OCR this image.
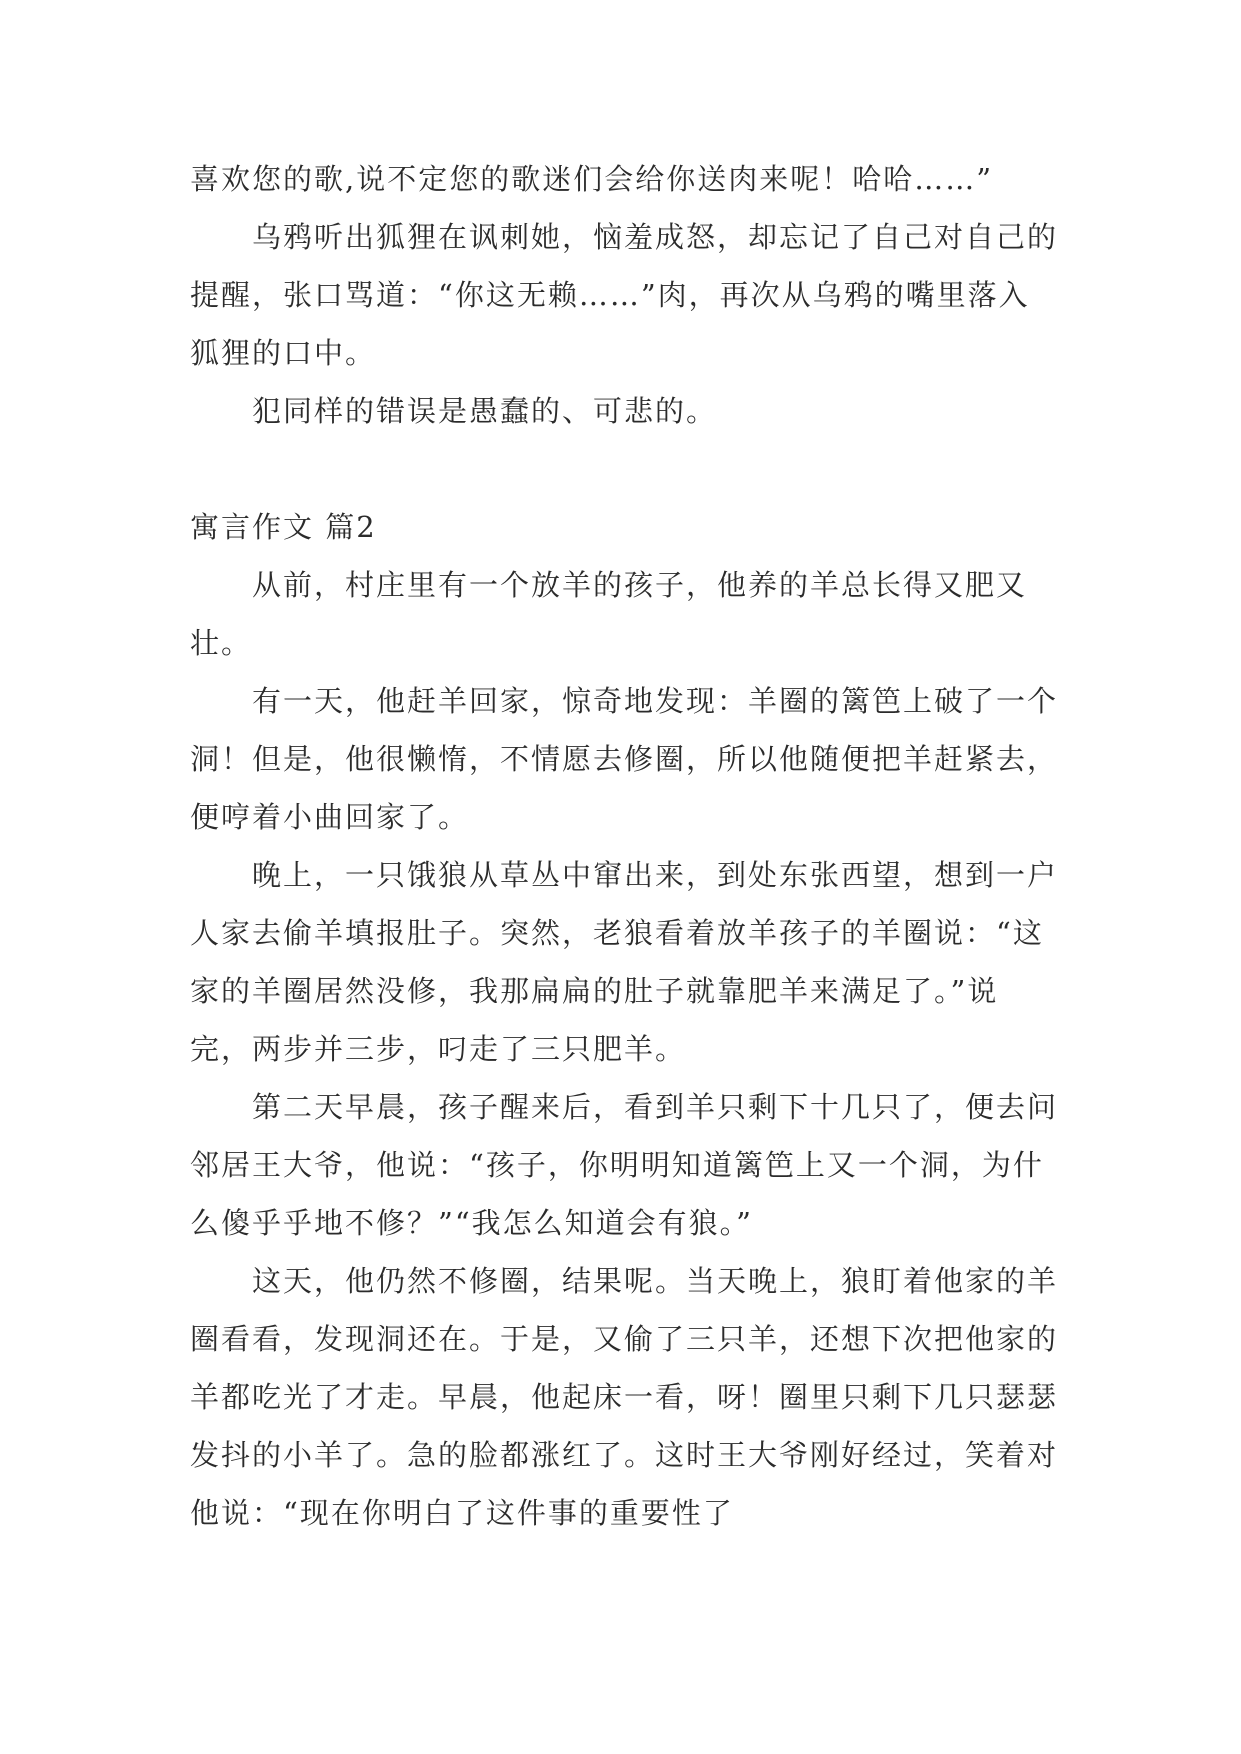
喜欢您的歌,说不定您的歌迷们会给你送肉来呢！哈哈……”

乌鸦听出狐狸在讽刺她，恼羞成怒，却忘记了自己对自己的提醒，张口骂道：“你这无赖……”肉，再次从乌鸦的嘴里落入狐狸的口中。

犯同样的错误是愚蠢的、可悲的。

寓言作文 篇2

从前，村庄里有一个放羊的孩子，他养的羊总长得又肥又壮。

有一天，他赶羊回家，惊奇地发现：羊圈的篱笆上破了一个洞！但是，他很懒惰，不情愿去修圈，所以他随便把羊赶紧去，便哼着小曲回家了。

晚上，一只饿狼从草丛中窜出来，到处东张西望，想到一户人家去偷羊填报肚子。突然，老狼看着放羊孩子的羊圈说：“这家的羊圈居然没修，我那扁扁的肚子就靠肥羊来满足了。”说完，两步并三步，叼走了三只肥羊。

第二天早晨，孩子醒来后，看到羊只剩下十几只了，便去问邻居王大爷，他说：“孩子，你明明知道篱笆上又一个洞，为什么傻乎乎地不修？”“我怎么知道会有狼。”

这天，他仍然不修圈，结果呢。当天晚上，狼盯着他家的羊圈看看，发现洞还在。于是，又偷了三只羊，还想下次把他家的羊都吃光了才走。早晨，他起床一看，呀！圈里只剩下几只瑟瑟发抖的小羊了。急的脸都涨红了。这时王大爷刚好经过，笑着对他说：“现在你明白了这件事的重要性了
